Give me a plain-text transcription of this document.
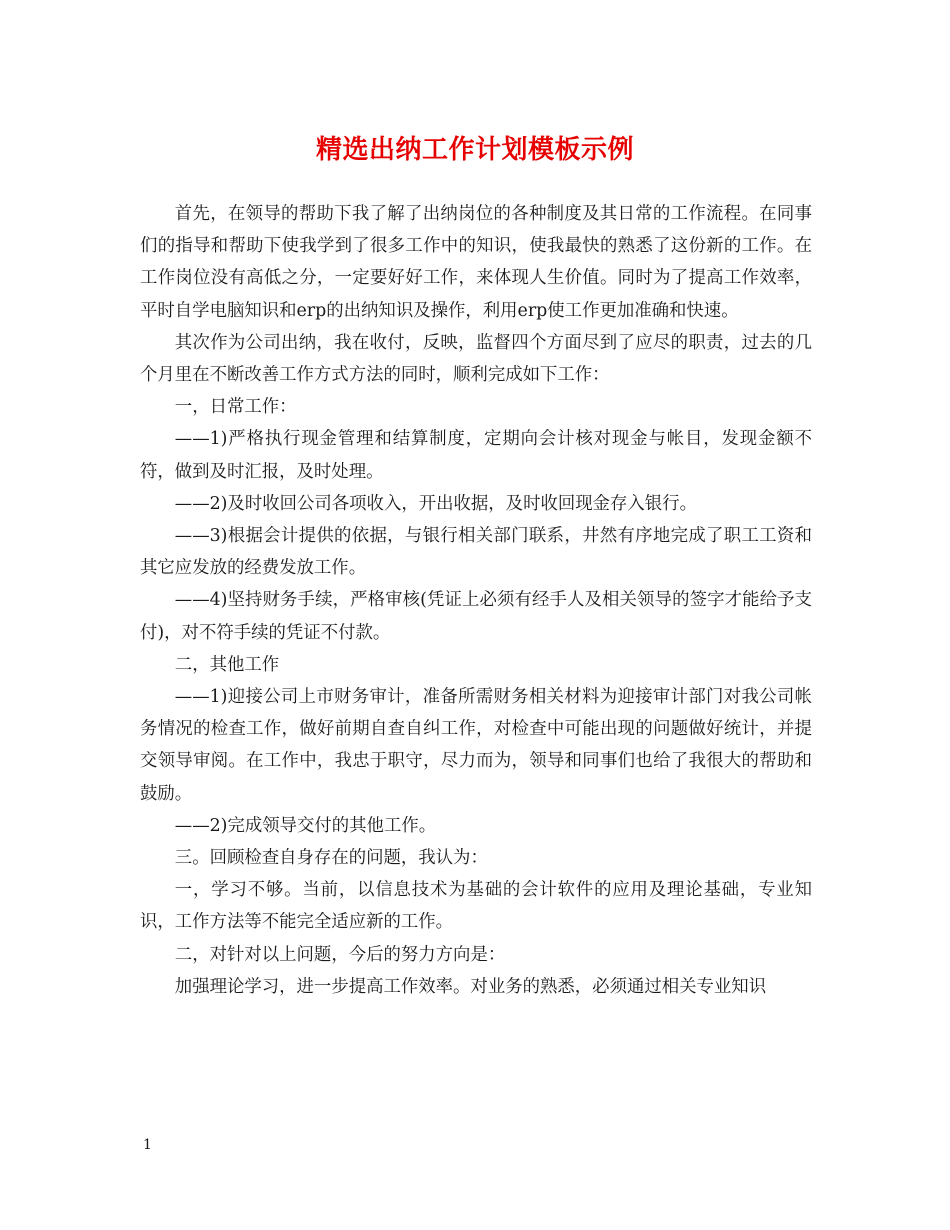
精选出纳工作计划模板示例

首先，在领导的帮助下我了解了出纳岗位的各种制度及其日常的工作流程。在同事们的指导和帮助下使我学到了很多工作中的知识，使我最快的熟悉了这份新的工作。在工作岗位没有高低之分，一定要好好工作，来体现人生价值。同时为了提高工作效率，平时自学电脑知识和erp的出纳知识及操作，利用erp使工作更加准确和快速。

其次作为公司出纳，我在收付，反映，监督四个方面尽到了应尽的职责，过去的几个月里在不断改善工作方式方法的同时，顺利完成如下工作：

一，日常工作：

——1)严格执行现金管理和结算制度，定期向会计核对现金与帐目，发现金额不符，做到及时汇报，及时处理。

——2)及时收回公司各项收入，开出收据，及时收回现金存入银行。

——3)根据会计提供的依据，与银行相关部门联系，井然有序地完成了职工工资和其它应发放的经费发放工作。

——4)坚持财务手续，严格审核(凭证上必须有经手人及相关领导的签字才能给予支付)，对不符手续的凭证不付款。

二，其他工作

——1)迎接公司上市财务审计，准备所需财务相关材料为迎接审计部门对我公司帐务情况的检查工作，做好前期自查自纠工作，对检查中可能出现的问题做好统计，并提交领导审阅。在工作中，我忠于职守，尽力而为，领导和同事们也给了我很大的帮助和鼓励。

——2)完成领导交付的其他工作。

三。回顾检查自身存在的问题，我认为：

一，学习不够。当前，以信息技术为基础的会计软件的应用及理论基础，专业知识，工作方法等不能完全适应新的工作。

二，对针对以上问题，今后的努力方向是：

加强理论学习，进一步提高工作效率。对业务的熟悉，必须通过相关专业知识

1
